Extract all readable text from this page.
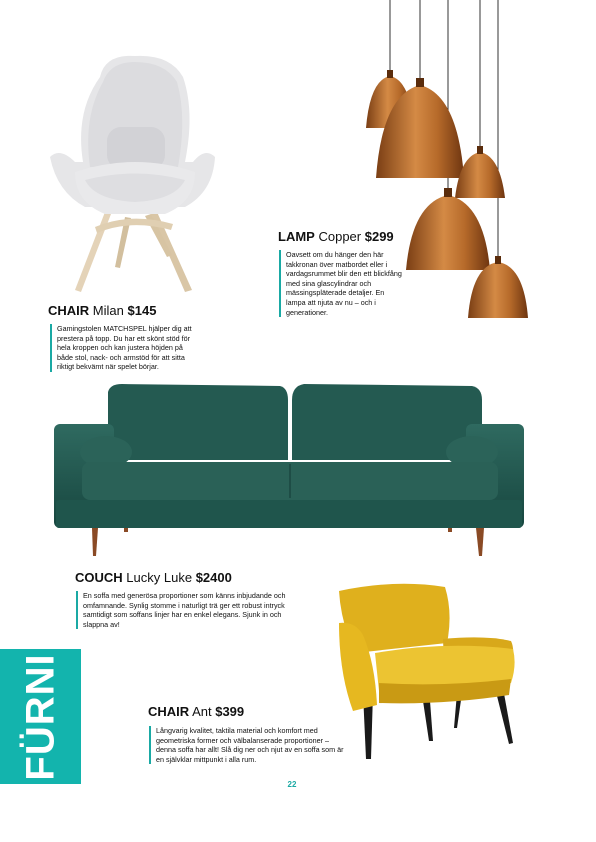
LAMP Copper $299
Oavsett om du hänger den här takkronan över matbordet eller i vardagsrummet blir den ett blickfång med sina glascylindrar och mässingspläterade detaljer. En lampa att njuta av nu – och i generationer.
CHAIR Milan $145
Gamingstolen MATCHSPEL hjälper dig att prestera på topp. Du har ett skönt stöd för hela kroppen och kan justera höjden på både stol, nack- och armstöd för att sitta riktigt bekvämt när spelet börjar.
COUCH Lucky Luke $2400
En soffa med generösa proportioner som känns inbjudande och omfamnande. Synlig stomme i naturligt trä ger ett robust intryck samtidigt som soffans linjer har en enkel elegans. Sjunk in och slappna av!
CHAIR Ant $399
Långvarig kvalitet, taktila material och komfort med geometriska former och välbalanserade proportioner – denna soffa har allt! Slå dig ner och njut av en soffa som är en självklar mittpunkt i alla rum.
FÜRNI
22
